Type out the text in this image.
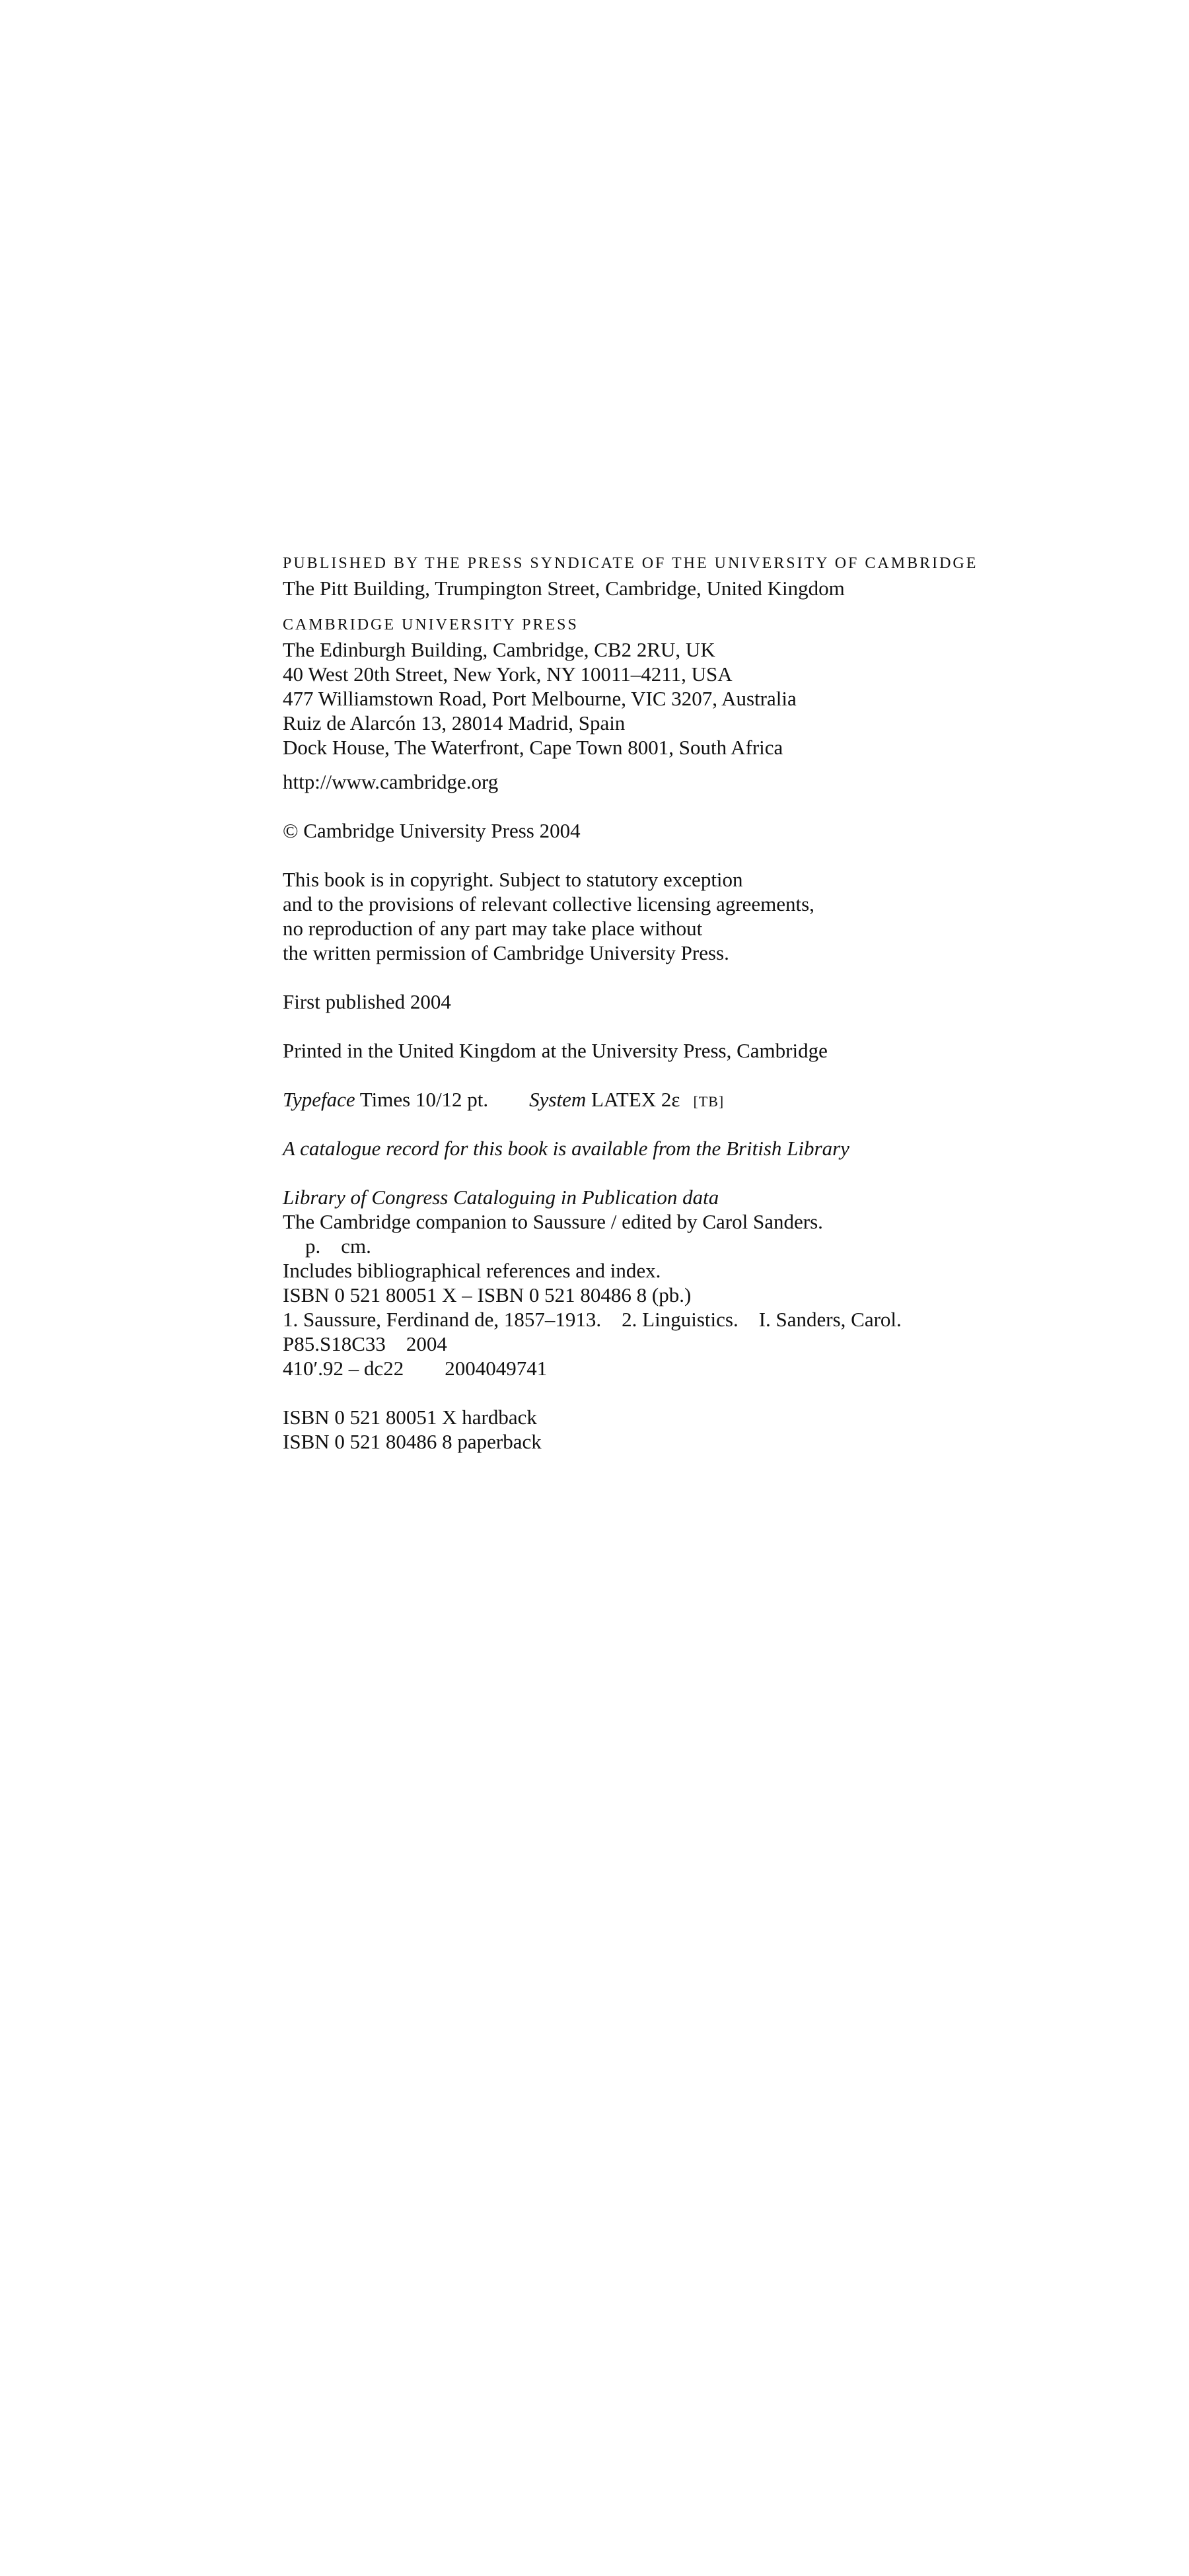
PUBLISHED BY THE PRESS SYNDICATE OF THE UNIVERSITY OF CAMBRIDGE
The Pitt Building, Trumpington Street, Cambridge, United Kingdom
CAMBRIDGE UNIVERSITY PRESS
The Edinburgh Building, Cambridge, CB2 2RU, UK
40 West 20th Street, New York, NY 10011–4211, USA
477 Williamstown Road, Port Melbourne, VIC 3207, Australia
Ruiz de Alarcón 13, 28014 Madrid, Spain
Dock House, The Waterfront, Cape Town 8001, South Africa
http://www.cambridge.org
© Cambridge University Press 2004
This book is in copyright. Subject to statutory exception
and to the provisions of relevant collective licensing agreements,
no reproduction of any part may take place without
the written permission of Cambridge University Press.
First published 2004
Printed in the United Kingdom at the University Press, Cambridge
Typeface Times 10/12 pt. System LATEX 2ε [TB]
A catalogue record for this book is available from the British Library
Library of Congress Cataloguing in Publication data
The Cambridge companion to Saussure / edited by Carol Sanders.
p.    cm.
Includes bibliographical references and index.
ISBN 0 521 80051 X – ISBN 0 521 80486 8 (pb.)
1. Saussure, Ferdinand de, 1857–1913.    2. Linguistics.    I. Sanders, Carol.
P85.S18C33    2004
410′.92 – dc22        2004049741
ISBN 0 521 80051 X hardback
ISBN 0 521 80486 8 paperback
